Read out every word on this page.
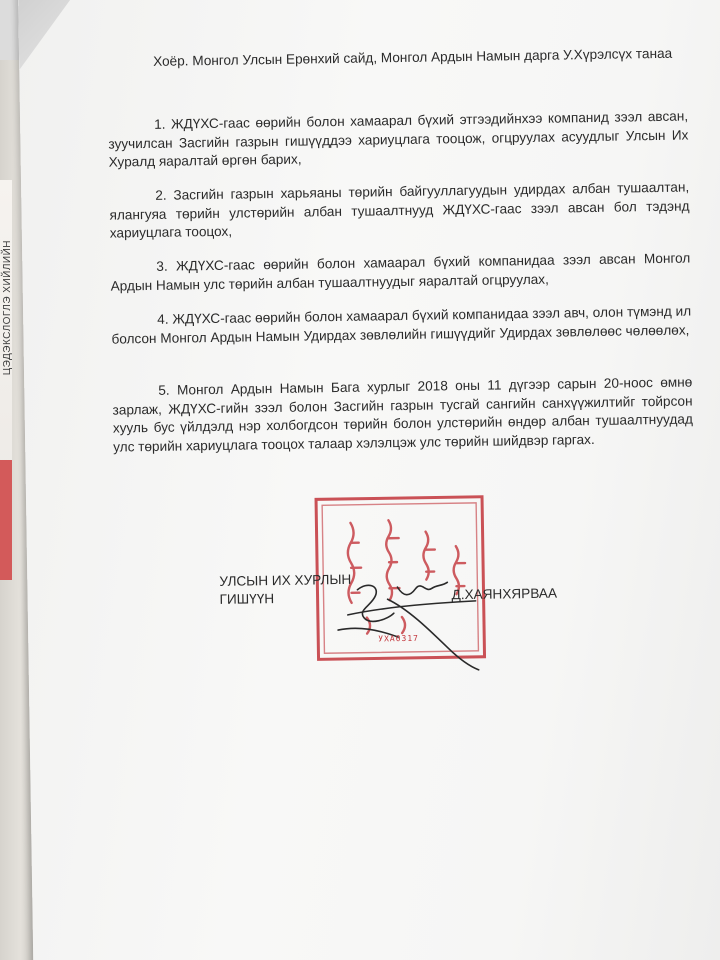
ЦЭДЭКСЛОГЛЭ ХИЙЛИЙН
Хоёр. Монгол Улсын Ерөнхий сайд, Монгол Ардын Намын дарга У.Хүрэлсүх танаа
1. ЖДҮХС-гаас өөрийн болон хамаарал бүхий этгээдийнхээ компанид зээл авсан, зуучилсан Засгийн газрын гишүүддээ хариуцлага тооцож, огцруулах асуудлыг Улсын Их Хуралд яаралтай өргөн барих,
2. Засгийн газрын харьяаны төрийн байгууллагуудын удирдах албан тушаалтан, ялангуяа төрийн улстөрийн албан тушаалтнууд ЖДҮХС-гаас зээл авсан бол тэдэнд хариуцлага тооцох,
3. ЖДҮХС-гаас өөрийн болон хамаарал бүхий компанидаа зээл авсан Монгол Ардын Намын улс төрийн албан тушаалтнуудыг яаралтай огцруулах,
4. ЖДҮХС-гаас өөрийн болон хамаарал бүхий компанидаа зээл авч, олон түмэнд ил болсон Монгол Ардын Намын Удирдах зөвлөлийн гишүүдийг Удирдах зөвлөлөөс чөлөөлөх,
5. Монгол Ардын Намын Бага хурлыг 2018 оны 11 дүгээр сарын 20-ноос өмнө зарлаж, ЖДҮХС-гийн зээл болон Засгийн газрын тусгай сангийн санхүүжилтийг тойрсон хууль бус үйлдэлд нэр холбогдсон төрийн болон улстөрийн өндөр албан тушаалтнуудад улс төрийн хариуцлага тооцох талаар хэлэлцэж улс төрийн шийдвэр гаргах.
УХА0317
УЛСЫН ИХ ХУРЛЫН
ГИШҮҮН	Д.ХАЯНХЯРВАА
